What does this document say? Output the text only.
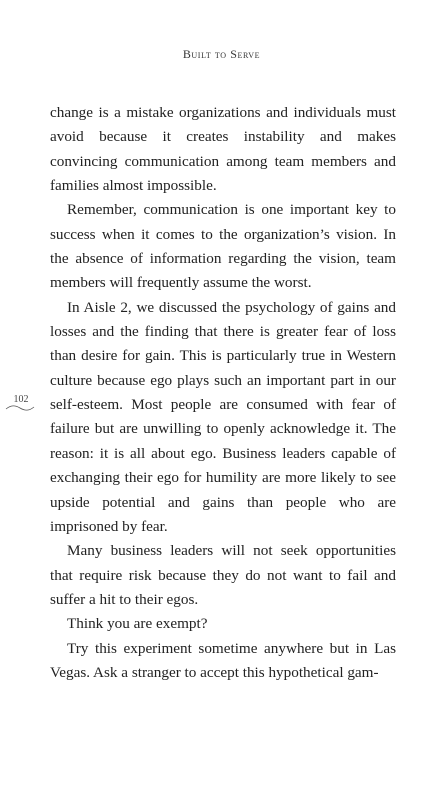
Built to Serve
102

change is a mistake organizations and individuals must avoid because it creates instability and makes convincing communication among team members and families almost impossible.

Remember, communication is one important key to success when it comes to the organization’s vision. In the absence of information regarding the vision, team members will frequently assume the worst.

In Aisle 2, we discussed the psychology of gains and losses and the finding that there is greater fear of loss than desire for gain. This is particularly true in Western culture because ego plays such an important part in our self-esteem. Most people are consumed with fear of failure but are unwilling to openly acknowledge it. The reason: it is all about ego. Business leaders capable of exchanging their ego for humility are more likely to see upside potential and gains than people who are imprisoned by fear.

Many business leaders will not seek opportunities that require risk because they do not want to fail and suffer a hit to their egos.

Think you are exempt?

Try this experiment sometime anywhere but in Las Vegas. Ask a stranger to accept this hypothetical gam-
